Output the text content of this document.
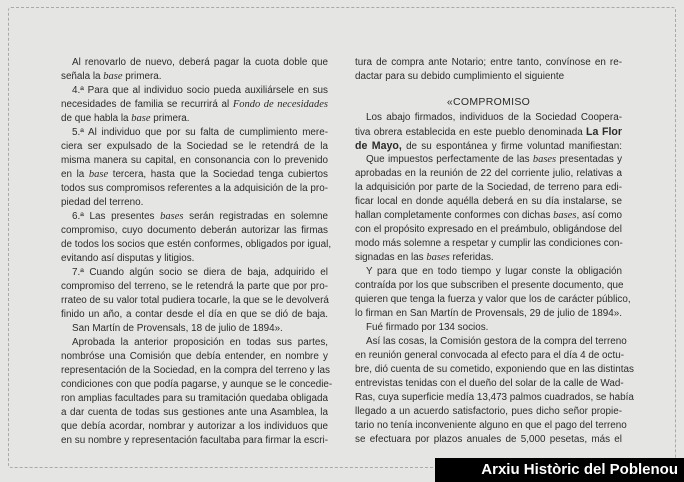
Al renovarlo de nuevo, deberá pagar la cuota doble que
señala la base primera.
4.ª Para que al individuo socio pueda auxiliársele en sus
necesidades de familia se recurrirá al Fondo de necesidades
de que habla la base primera.
5.ª Al individuo que por su falta de cumplimiento mere-
ciera ser expulsado de la Sociedad se le retendrá de la
misma manera su capital, en consonancia con lo prevenido
en la base tercera, hasta que la Sociedad tenga cubiertos
todos sus compromisos referentes a la adquisición de la pro-
piedad del terreno.
6.ª Las presentes bases serán registradas en solemne
compromiso, cuyo documento deberán autorizar las firmas
de todos los socios que estén conformes, obligados por igual,
evitando así disputas y litigios.
7.ª Cuando algún socio se diera de baja, adquirido el
compromiso del terreno, se le retendrá la parte que por pro-
rrateo de su valor total pudiera tocarle, la que se le devolverá
finido un año, a contar desde el día en que se dió de baja.
San Martín de Provensals, 18 de julio de 1894».
Aprobada la anterior proposición en todas sus partes,
nombróse una Comisión que debía entender, en nombre y
representación de la Sociedad, en la compra del terreno y las
condiciones con que podía pagarse, y aunque se le concedie-
ron amplias facultades para su tramitación quedaba obligada
a dar cuenta de todas sus gestiones ante una Asamblea, la
que debía acordar, nombrar y autorizar a los individuos que
en su nombre y representación facultaba para firmar la escri-
tura de compra ante Notario; entre tanto, convínose en re-
dactar para su debido cumplimiento el siguiente
«COMPROMISO
Los abajo firmados, individuos de la Sociedad Coopera-
tiva obrera establecida en este pueblo denominada La Flor
de Mayo, de su espontánea y firme voluntad manifiestan:
Que impuestos perfectamente de las bases presentadas y
aprobadas en la reunión de 22 del corriente julio, relativas a
la adquisición por parte de la Sociedad, de terreno para edi-
ficar local en donde aquélla deberá en su día instalarse, se
hallan completamente conformes con dichas bases, así como
con el propósito expresado en el preámbulo, obligándose del
modo más solemne a respetar y cumplir las condiciones con-
signadas en las bases referidas.
Y para que en todo tiempo y lugar conste la obligación
contraída por los que subscriben el presente documento, que
quieren que tenga la fuerza y valor que los de carácter público,
lo firman en San Martín de Provensals, 29 de julio de 1894».
Fué firmado por 134 socios.
Así las cosas, la Comisión gestora de la compra del terreno
en reunión general convocada al efecto para el día 4 de octu-
bre, dió cuenta de su cometido, exponiendo que en las distintas
entrevistas tenidas con el dueño del solar de la calle de Wad-
Ras, cuya superficie medía 13,473 palmos cuadrados, se había
llegado a un acuerdo satisfactorio, pues dicho señor propie-
tario no tenía inconveniente alguno en que el pago del terreno
se efectuara por plazos anuales de 5,000 pesetas, más el
Arxiu Històric del Poblenou
